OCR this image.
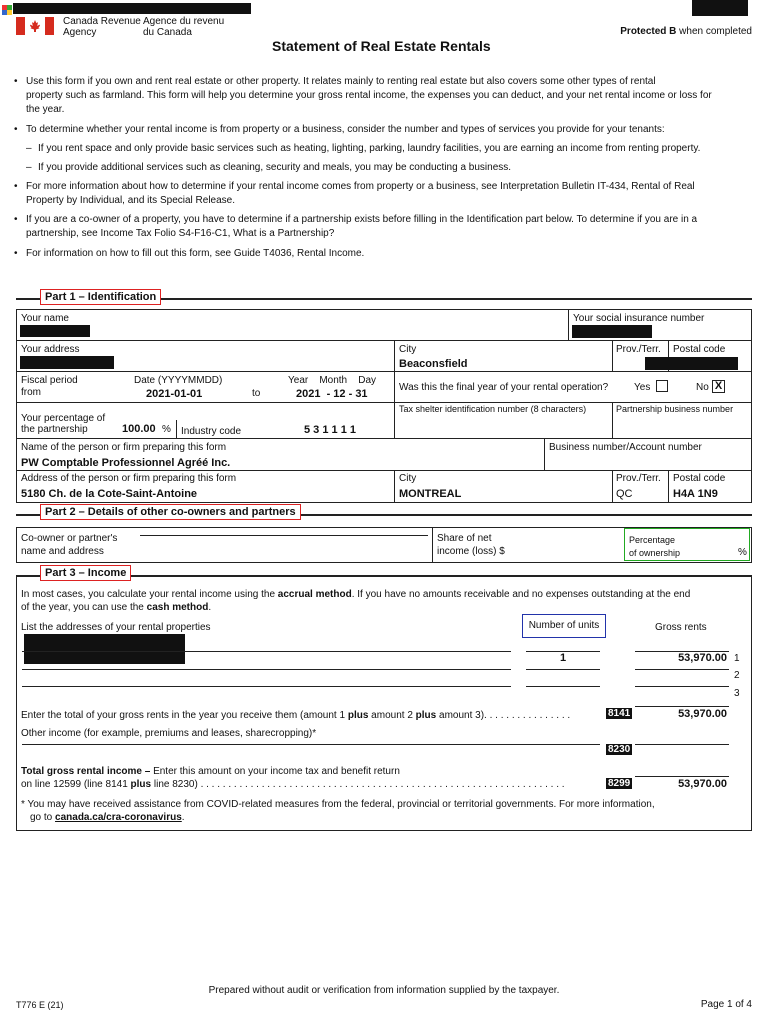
Canada Revenue
Agency
Agence du revenu
du Canada
Statement of Real Estate Rentals
Protected B when completed
• Use this form if you own and rent real estate or other property. It relates mainly to renting real estate but also covers some other types of rental
property such as farmland. This form will help you determine your gross rental income, the expenses you can deduct, and your net rental income or loss for
the year.
• To determine whether your rental income is from property or a business, consider the number and types of services you provide for your tenants:
– If you rent space and only provide basic services such as heating, lighting, parking, laundry facilities, you are earning an income from renting property.
– If you provide additional services such as cleaning, security and meals, you may be conducting a business.
• For more information about how to determine if your rental income comes from property or a business, see Interpretation Bulletin IT-434, Rental of Real
Property by Individual, and its Special Release.
• If you are a co-owner of a property, you have to determine if a partnership exists before filling in the Identification part below. To determine if you are in a
partnership, see Income Tax Folio S4-F16-C1, What is a Partnership?
• For information on how to fill out this form, see Guide T4036, Rental Income.
Part 1 – Identification
Your name	Your social insurance number
Your address	City
Beaconsfield
Prov./Terr. Postal code
Fiscal period
from
Date (YYYYMMDD)
2021-01-01	to
Year    Month    Day
2021  - 12 - 31
Was this the final year of your rental operation?	Yes	No X
Your percentage of
the partnership	100.00 % Industry code	5 3 1 1 1 1
Tax shelter identification number (8 characters)	Partnership business number
Name of the person or firm preparing this form
PW Comptable Professionnel Agréé Inc.
Business number/Account number
Address of the person or firm preparing this form
5180 Ch. de la Cote-Saint-Antoine
City
MONTREAL
Prov./Terr.
QC
Postal code
H4A 1N9
Part 2 – Details of other co-owners and partners
Co-owner or partner's
name and address
Share of net
income (loss) $
Percentage
of ownership	%
Part 3 – Income
In most cases, you calculate your rental income using the accrual method. If you have no amounts receivable and no expenses outstanding at the end
of the year, you can use the cash method.
List the addresses of your rental properties	Number of units	Gross rents
1	53,970.00 1
2
3
Enter the total of your gross rents in the year you receive them (amount 1 plus amount 2 plus amount 3). . . . . . . . . . . . . . . .	8141	53,970.00
Other income (for example, premiums and leases, sharecropping)*
8230
Total gross rental income – Enter this amount on your income tax and benefit return
on line 12599 (line 8141 plus line 8230) . . . . . . . . . . . . . . . . . . . . . . . . . . . . . . . . . . . . . . . . . . . . . . . . . . . . . . . . . . . . . . . . . .	8299	53,970.00
* You may have received assistance from COVID-related measures from the federal, provincial or territorial governments. For more information,
go to canada.ca/cra-coronavirus.
Prepared without audit or verification from information supplied by the taxpayer.
T776 E (21)	Page 1 of 4
